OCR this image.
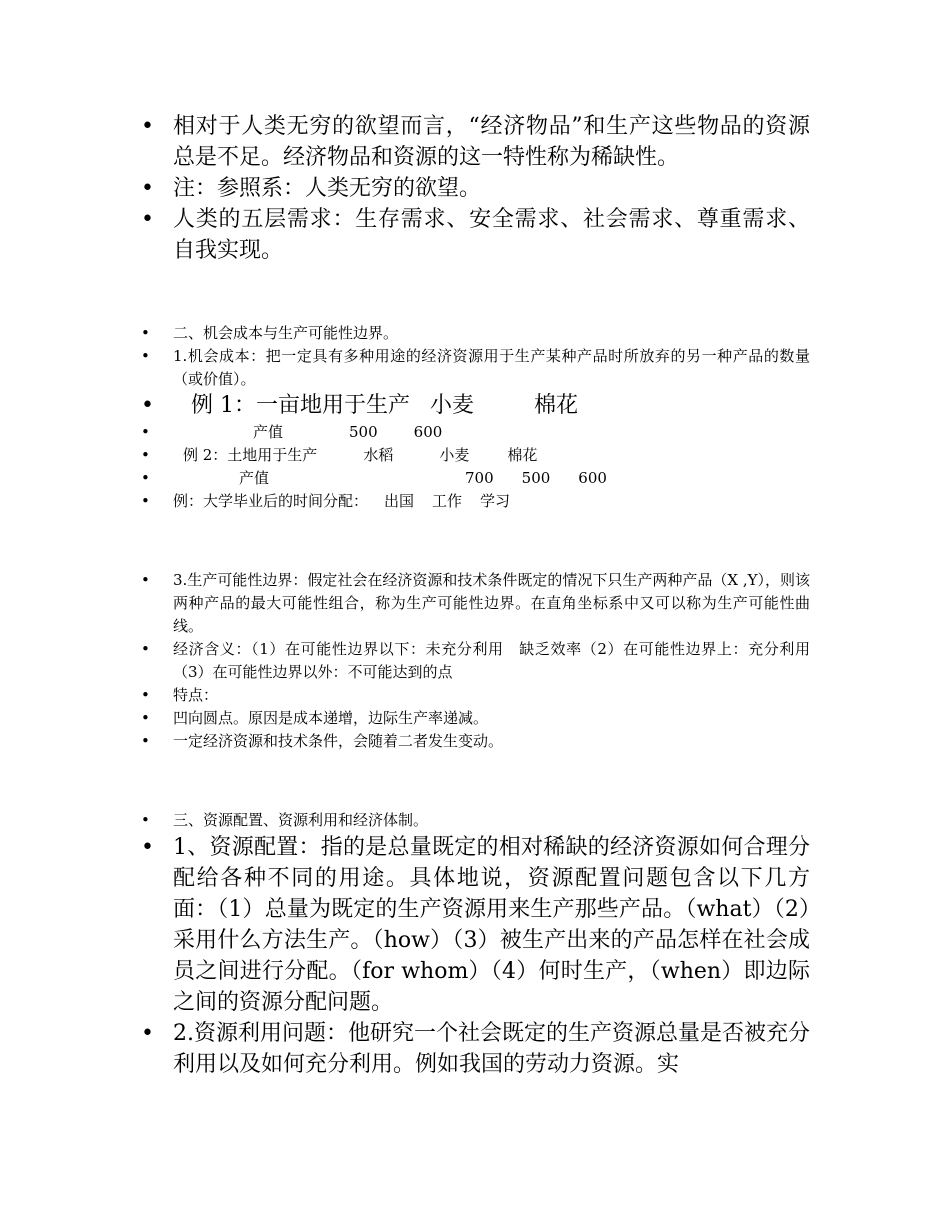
• 相对于人类无穷的欲望而言，“经济物品”和生产这些物品的资源总是不足。经济物品和资源的这一特性称为稀缺性。

• 注：参照系：人类无穷的欲望。

• 人类的五层需求：生存需求、安全需求、社会需求、尊重需求、自我实现。

• 二、机会成本与生产可能性边界。

• 1.机会成本：把一定具有多种用途的经济资源用于生产某种产品时所放弃的另一种产品的数量（或价值）。

• 例 1：一亩地用于生产 小麦	棉花
• 产值	500 600
• 例 2：土地用于生产	水稻	小麦	棉花
• 产值	700 500 600
• 例：大学毕业后的时间分配： 出国 工作 学习

• 3.生产可能性边界：假定社会在经济资源和技术条件既定的情况下只生产两种产品（X ,Y），则该两种产品的最大可能性组合，称为生产可能性边界。在直角坐标系中又可以称为生产可能性曲线。

• 经济含义：（1）在可能性边界以下：未充分利用　缺乏效率（2）在可能性边界上：充分利用（3）在可能性边界以外：不可能达到的点

• 特点：

• 凹向圆点。原因是成本递增，边际生产率递减。

• 一定经济资源和技术条件，会随着二者发生变动。

• 三、资源配置、资源利用和经济体制。

• 1、资源配置：指的是总量既定的相对稀缺的经济资源如何合理分配给各种不同的用途。具体地说，资源配置问题包含以下几方面：（1）总量为既定的生产资源用来生产那些产品。（what）（2）采用什么方法生产。（how）（3）被生产出来的产品怎样在社会成员之间进行分配。（for whom）（4）何时生产，（when）即边际之间的资源分配问题。

• 2.资源利用问题：他研究一个社会既定的生产资源总量是否被充分利用以及如何充分利用。例如我国的劳动力资源。实
